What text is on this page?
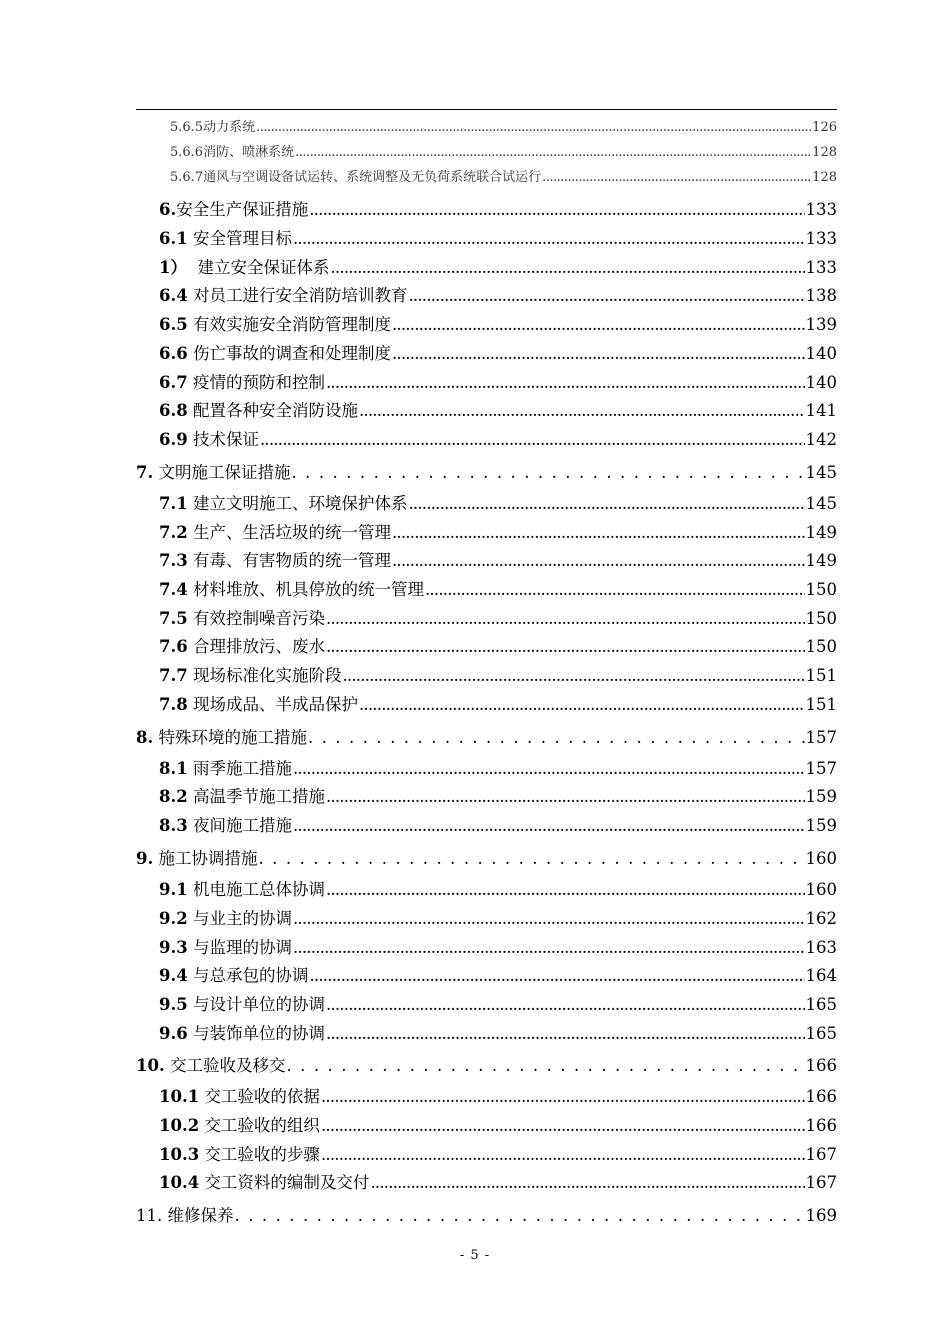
5.6.5动力系统 .....	126
5.6.6消防、喷淋系统 .....	128
5.6.7通风与空调设备试运转、系统调整及无负荷系统联合试运行 .....	128
6.安全生产保证措施 .....	133
6.1 安全管理目标 .....	133
1）  建立安全保证体系 .....	133
6.4 对员工进行安全消防培训教育 .....	138
6.5 有效实施安全消防管理制度 .....	139
6.6 伤亡事故的调查和处理制度 .....	140
6.7 疫情的预防和控制 .....	140
6.8 配置各种安全消防设施 .....	141
6.9 技术保证 .....	142
7. 文明施工保证措施 . . .	145
7.1 建立文明施工、环境保护体系 .....	145
7.2 生产、生活垃圾的统一管理 .....	149
7.3 有毒、有害物质的统一管理 .....	149
7.4 材料堆放、机具停放的统一管理 .....	150
7.5 有效控制噪音污染 .....	150
7.6 合理排放污、废水 .....	150
7.7 现场标准化实施阶段 .....	151
7.8 现场成品、半成品保护 .....	151
8. 特殊环境的施工措施 . . .	157
8.1 雨季施工措施 .....	157
8.2 高温季节施工措施 .....	159
8.3 夜间施工措施 .....	159
9. 施工协调措施 . . .	160
9.1 机电施工总体协调 .....	160
9.2 与业主的协调 .....	162
9.3 与监理的协调 .....	163
9.4 与总承包的协调 .....	164
9.5 与设计单位的协调 .....	165
9.6 与装饰单位的协调 .....	165
10. 交工验收及移交 . . .	166
10.1 交工验收的依据 .....	166
10.2 交工验收的组织 .....	166
10.3 交工验收的步骤 .....	167
10.4 交工资料的编制及交付 .....	167
11. 维修保养 . . .	169
- 5 -
